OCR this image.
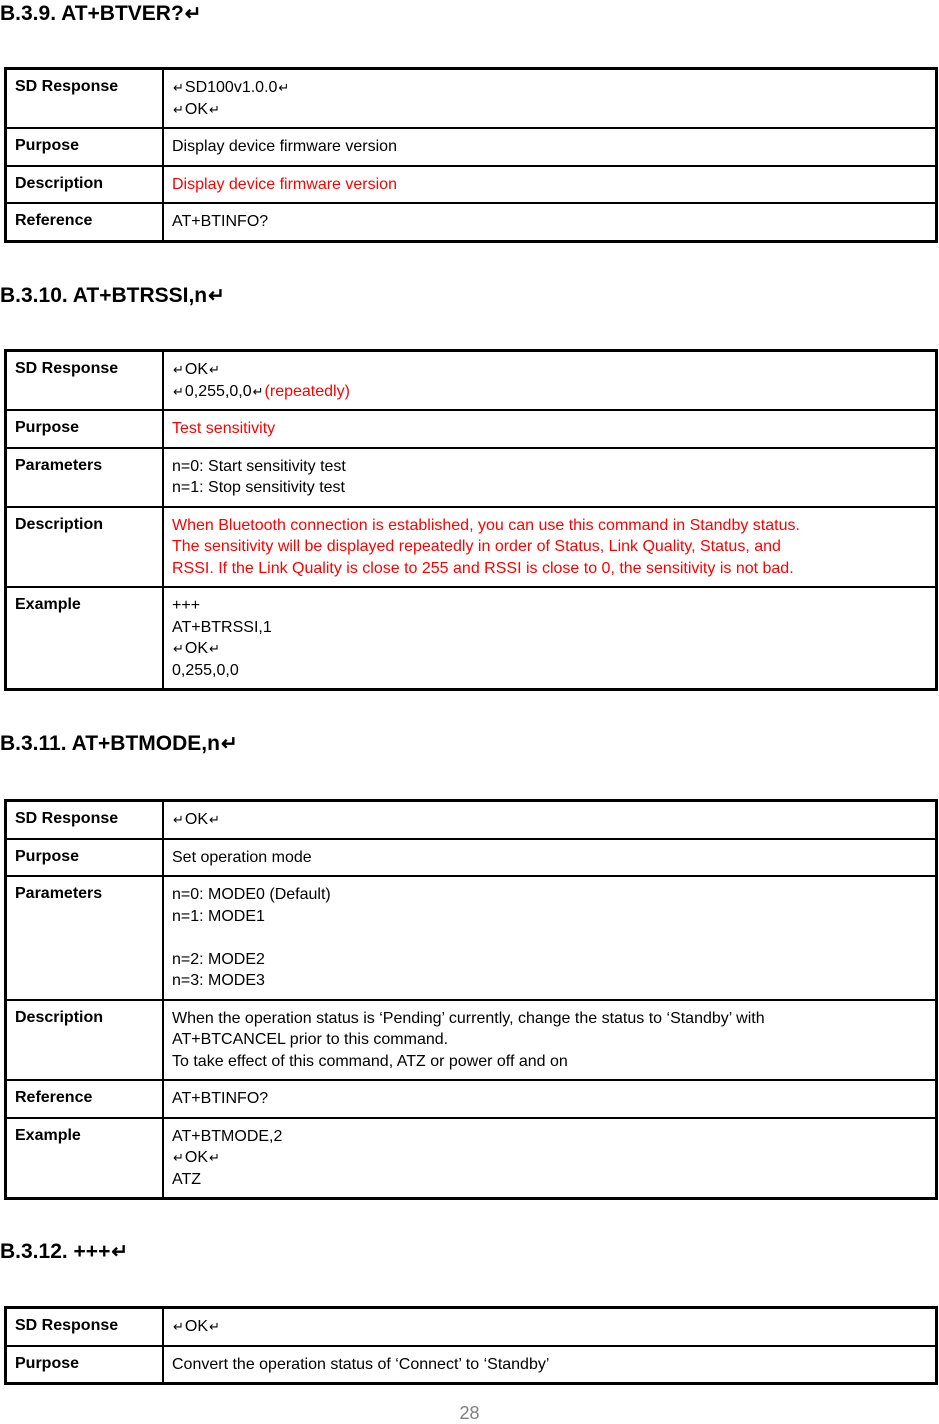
B.3.9. AT+BTVER?↵
SD Response	↵SD100v1.0.0↵
↵OK↵

Purpose	Display device firmware version

Description	Display device firmware version

Reference	AT+BTINFO?
B.3.10. AT+BTRSSI,n↵
SD Response	↵OK↵
↵0,255,0,0↵(repeatedly)

Purpose	Test sensitivity

Parameters	n=0: Start sensitivity test
n=1: Stop sensitivity test

Description	When Bluetooth connection is established, you can use this command in Standby status.
The sensitivity will be displayed repeatedly in order of Status, Link Quality, Status, and
RSSI. If the Link Quality is close to 255 and RSSI is close to 0, the sensitivity is not bad.

Example	+++
AT+BTRSSI,1
↵OK↵
0,255,0,0
B.3.11. AT+BTMODE,n↵
SD Response	↵OK↵

Purpose	Set operation mode

Parameters	n=0: MODE0 (Default)
n=1: MODE1
n=2: MODE2
n=3: MODE3

Description	When the operation status is ‘Pending’ currently, change the status to ‘Standby’ with
AT+BTCANCEL prior to this command.
To take effect of this command, ATZ or power off and on

Reference	AT+BTINFO?

Example	AT+BTMODE,2
↵OK↵
ATZ
B.3.12. +++↵
SD Response	↵OK↵

Purpose	Convert the operation status of ‘Connect’ to ‘Standby’
28
